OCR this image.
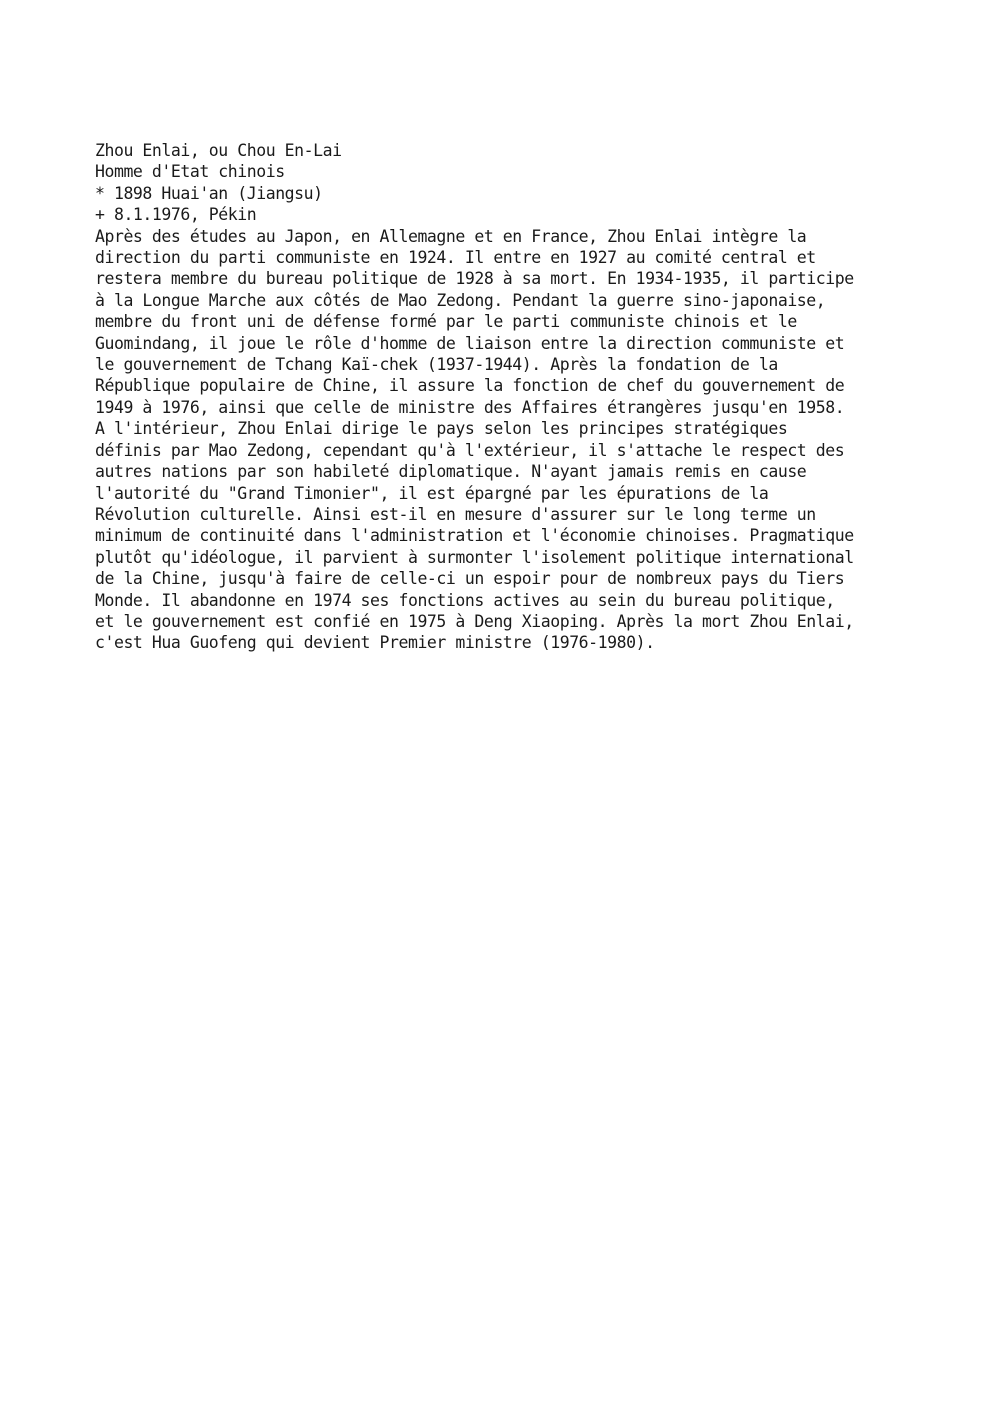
Zhou Enlai, ou Chou En-Lai
Homme d'Etat chinois
* 1898 Huai'an (Jiangsu)
+ 8.1.1976, Pékin
Après des études au Japon, en Allemagne et en France, Zhou Enlai intègre la
direction du parti communiste en 1924. Il entre en 1927 au comité central et
restera membre du bureau politique de 1928 à sa mort. En 1934-1935, il participe
à la Longue Marche aux côtés de Mao Zedong. Pendant la guerre sino-japonaise,
membre du front uni de défense formé par le parti communiste chinois et le
Guomindang, il joue le rôle d'homme de liaison entre la direction communiste et
le gouvernement de Tchang Kaï-chek (1937-1944). Après la fondation de la
République populaire de Chine, il assure la fonction de chef du gouvernement de
1949 à 1976, ainsi que celle de ministre des Affaires étrangères jusqu'en 1958.
A l'intérieur, Zhou Enlai dirige le pays selon les principes stratégiques
définis par Mao Zedong, cependant qu'à l'extérieur, il s'attache le respect des
autres nations par son habileté diplomatique. N'ayant jamais remis en cause
l'autorité du "Grand Timonier", il est épargné par les épurations de la
Révolution culturelle. Ainsi est-il en mesure d'assurer sur le long terme un
minimum de continuité dans l'administration et l'économie chinoises. Pragmatique
plutôt qu'idéologue, il parvient à surmonter l'isolement politique international
de la Chine, jusqu'à faire de celle-ci un espoir pour de nombreux pays du Tiers
Monde. Il abandonne en 1974 ses fonctions actives au sein du bureau politique,
et le gouvernement est confié en 1975 à Deng Xiaoping. Après la mort Zhou Enlai,
c'est Hua Guofeng qui devient Premier ministre (1976-1980).
